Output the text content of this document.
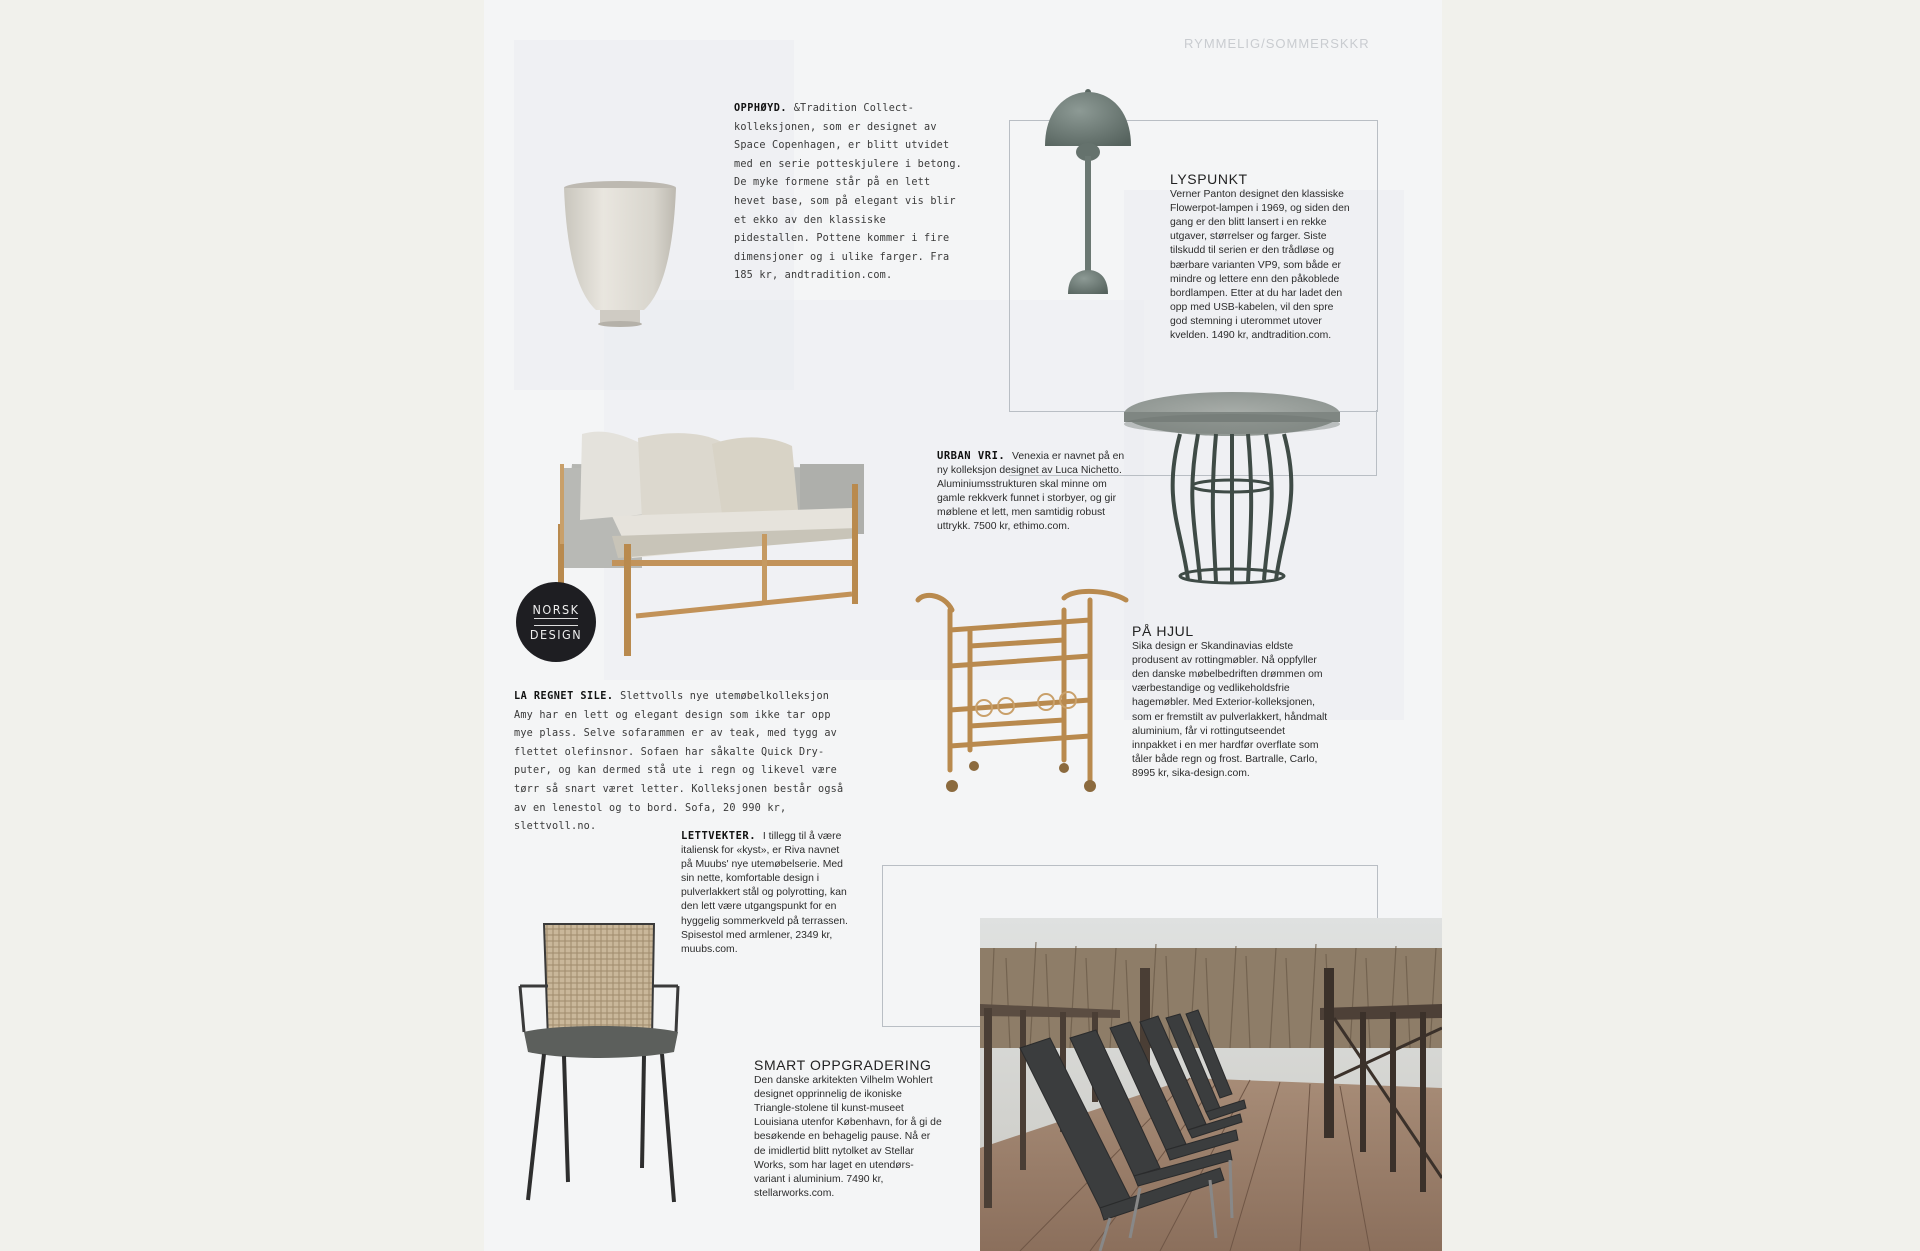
RYMMELIG/SOMMERSKKR
OPPHØYD. &Tradition Collect-kolleksjonen, som er designet av Space Copenhagen, er blitt utvidet med en serie potteskjulere i betong. De myke formene står på en lett hevet base, som på elegant vis blir et ekko av den klassiske pidestallen. Pottene kommer i fire dimensjoner og i ulike farger. Fra 185 kr, andtradition.com.
LYSPUNKT
Verner Panton designet den klassiske Flowerpot-lampen i 1969, og siden den gang er den blitt lansert i en rekke utgaver, størrelser og farger. Siste tilskudd til serien er den trådløse og bærbare varianten VP9, som både er mindre og lettere enn den påkoblede bordlampen. Etter at du har ladet den opp med USB-kabelen, vil den spre god stemning i uterommet utover kvelden. 1490 kr, andtradition.com.
NORSK
DESIGN
LA REGNET SILE. Slettvolls nye utemøbelkolleksjon Amy har en lett og elegant design som ikke tar opp mye plass. Selve sofarammen er av teak, med tygg av flettet olefinsnor. Sofaen har såkalte Quick Dry-puter, og kan dermed stå ute i regn og likevel være tørr så snart været letter. Kolleksjonen består også av en lenestol og to bord. Sofa, 20 990 kr, slettvoll.no.
URBAN VRI. Venexia er navnet på en ny kolleksjon designet av Luca Nichetto. Aluminiumsstrukturen skal minne om gamle rekkverk funnet i storbyer, og gir møblene et lett, men samtidig robust uttrykk. 7500 kr, ethimo.com.
PÅ HJUL
Sika design er Skandinavias eldste produsent av rottingmøbler. Nå oppfyller den danske møbelbedriften drømmen om værbestandige og vedlikeholdsfrie hagemøbler. Med Exterior-kolleksjonen, som er fremstilt av pulverlakkert, håndmalt aluminium, får vi rottingutseendet innpakket i en mer hardfør overflate som tåler både regn og frost. Bartralle, Carlo, 8995 kr, sika-design.com.
LETTVEKTER. I tillegg til å være italiensk for «kyst», er Riva navnet på Muubs' nye utemøbelserie. Med sin nette, komfortable design i pulverlakkert stål og polyrotting, kan den lett være utgangspunkt for en hyggelig sommerkveld på terrassen. Spisestol med armlener, 2349 kr, muubs.com.
SMART OPPGRADERING
Den danske arkitekten Vilhelm Wohlert designet opprinnelig de ikoniske Triangle-stolene til kunst-museet Louisiana utenfor København, for å gi de besøkende en behagelig pause. Nå er de imidlertid blitt nytolket av Stellar Works, som har laget en utendørs-variant i aluminium. 7490 kr, stellarworks.com.
